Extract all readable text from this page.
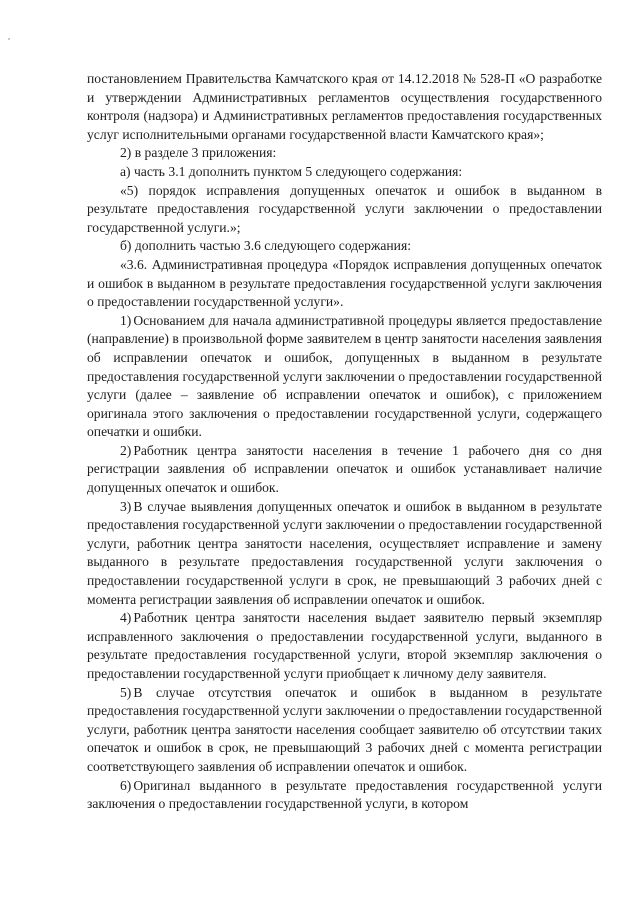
постановлением Правительства Камчатского края от 14.12.2018 № 528-П «О разработке и утверждении Административных регламентов осуществления государственного контроля (надзора) и Административных регламентов предоставления государственных услуг исполнительными органами государственной власти Камчатского края»;

2) в разделе 3 приложения:

а) часть 3.1 дополнить пунктом 5 следующего содержания:

«5) порядок исправления допущенных опечаток и ошибок в выданном в результате предоставления государственной услуги заключении о предоставлении государственной услуги.»;

б) дополнить частью 3.6 следующего содержания:

«3.6. Административная процедура «Порядок исправления допущенных опечаток и ошибок в выданном в результате предоставления государственной услуги заключения о предоставлении государственной услуги».

1) Основанием для начала административной процедуры является предоставление (направление) в произвольной форме заявителем в центр занятости населения заявления об исправлении опечаток и ошибок, допущенных в выданном в результате предоставления государственной услуги заключении о предоставлении государственной услуги (далее – заявление об исправлении опечаток и ошибок), с приложением оригинала этого заключения о предоставлении государственной услуги, содержащего опечатки и ошибки.

2) Работник центра занятости населения в течение 1 рабочего дня со дня регистрации заявления об исправлении опечаток и ошибок устанавливает наличие допущенных опечаток и ошибок.

3) В случае выявления допущенных опечаток и ошибок в выданном в результате предоставления государственной услуги заключении о предоставлении государственной услуги, работник центра занятости населения, осуществляет исправление и замену выданного в результате предоставления государственной услуги заключения о предоставлении государственной услуги в срок, не превышающий 3 рабочих дней с момента регистрации заявления об исправлении опечаток и ошибок.

4) Работник центра занятости населения выдает заявителю первый экземпляр исправленного заключения о предоставлении государственной услуги, выданного в результате предоставления государственной услуги, второй экземпляр заключения о предоставлении государственной услуги приобщает к личному делу заявителя.

5) В случае отсутствия опечаток и ошибок в выданном в результате предоставления государственной услуги заключении о предоставлении государственной услуги, работник центра занятости населения сообщает заявителю об отсутствии таких опечаток и ошибок в срок, не превышающий 3 рабочих дней с момента регистрации соответствующего заявления об исправлении опечаток и ошибок.

6) Оригинал выданного в результате предоставления государственной услуги заключения о предоставлении государственной услуги, в котором
